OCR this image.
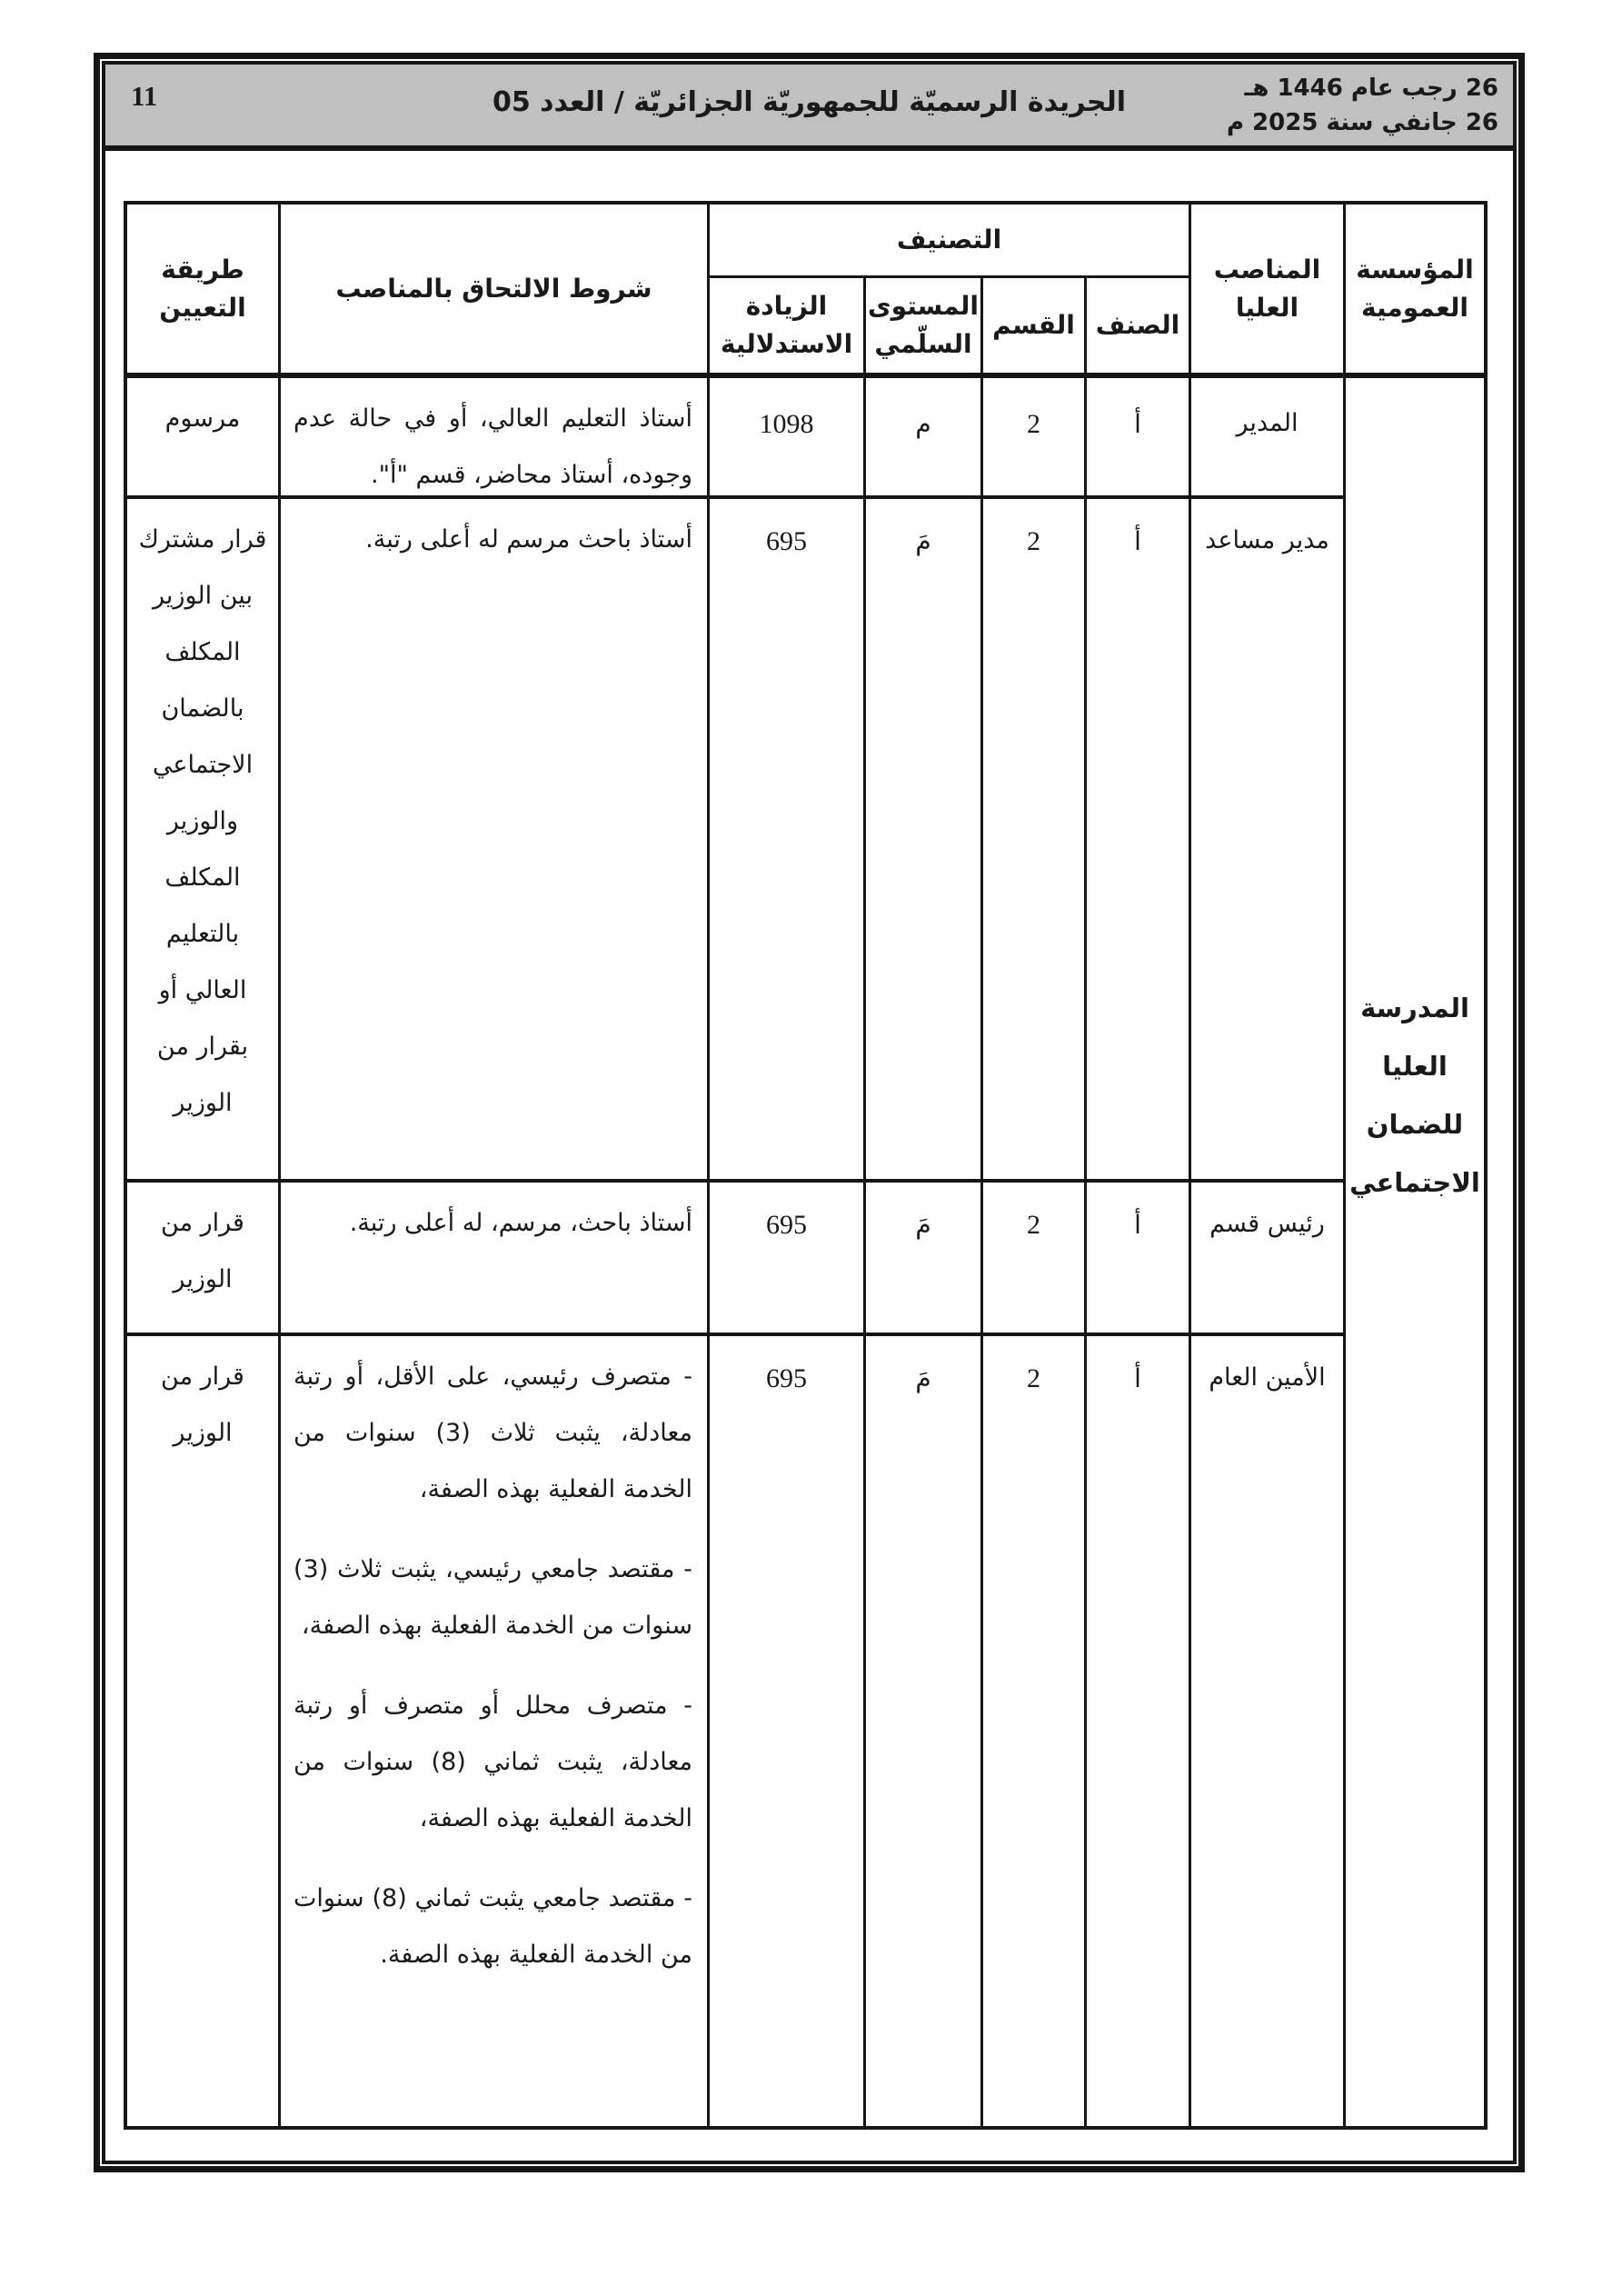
11	الجريدة الرسميّة للجمهوريّة الجزائريّة / العدد 05	26 رجب عام 1446 هـ
26 جانفي سنة 2025 م
المؤسسة العمومية
المناصب العليا
التصنيف
الصنف
القسم
المستوى السلّمي
الزيادة الاستدلالية
شروط الالتحاق بالمناصب
طريقة التعيين
المدرسة العليا للضمان الاجتماعي
المدير
أ
2
م
1098

أستاذ التعليم العالي، أو في حالة عدم وجوده، أستاذ محاضر، قسم "أ".

مرسوم
مدير مساعد
أ
2
مَ
695

أستاذ باحث مرسم له أعلى رتبة.

قرار مشترك بين الوزير المكلف بالضمان الاجتماعي والوزير المكلف بالتعليم العالي أو بقرار من الوزير
رئيس قسم
أ
2
مَ
695

أستاذ باحث، مرسم، له أعلى رتبة.

قرار من الوزير
الأمين العام
أ
2
مَ
695

- متصرف رئيسي، على الأقل، أو رتبة معادلة، يثبت ثلاث (3) سنوات من الخدمة الفعلية بهذه الصفة،

- مقتصد جامعي رئيسي، يثبت ثلاث (3) سنوات من الخدمة الفعلية بهذه الصفة،

- متصرف محلل أو متصرف أو رتبة معادلة، يثبت ثماني (8) سنوات من الخدمة الفعلية بهذه الصفة،

- مقتصد جامعي يثبت ثماني (8) سنوات من الخدمة الفعلية بهذه الصفة.

قرار من الوزير
